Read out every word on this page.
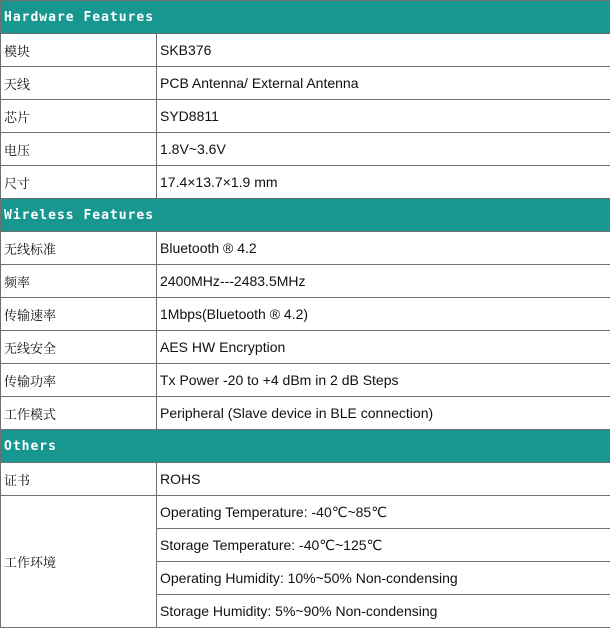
Hardware Features	
模块	SKB376
天线	PCB Antenna/ External Antenna
芯片	SYD8811
电压	1.8V~3.6V
尺寸	17.4×13.7×1.9 mm
Wireless Features	
无线标准	Bluetooth ® 4.2
频率	2400MHz---2483.5MHz
传输速率	1Mbps(Bluetooth ® 4.2)
无线安全	AES HW Encryption
传输功率	Tx Power -20 to +4 dBm in 2 dB Steps
工作模式	Peripheral (Slave device in BLE connection)
Others	
证书	ROHS
工作环境	Operating Temperature: -40℃~85℃
	Storage Temperature: -40℃~125℃
	Operating Humidity: 10%~50% Non-condensing
	Storage Humidity: 5%~90% Non-condensing
